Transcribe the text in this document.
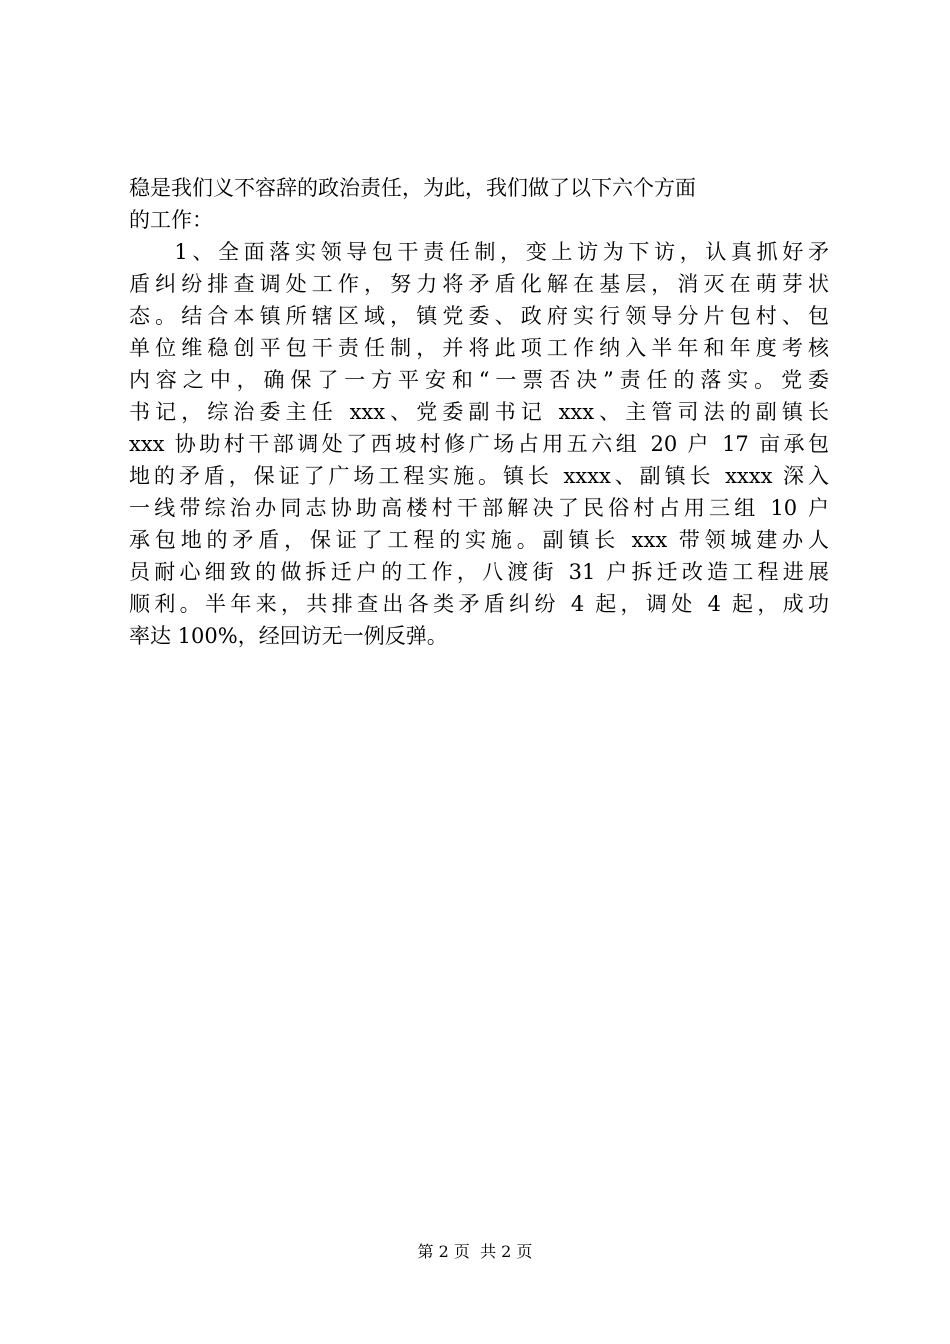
稳是我们义不容辞的政治责任，为此，我们做了以下六个方面
的工作：
1、全面落实领导包干责任制，变上访为下访，认真抓好矛
盾纠纷排查调处工作，努力将矛盾化解在基层，消灭在萌芽状
态。结合本镇所辖区域，镇党委、政府实行领导分片包村、包
单位维稳创平包干责任制，并将此项工作纳入半年和年度考核
内容之中，确保了一方平安和“一票否决”责任的落实。党委
书记，综治委主任 xxx、党委副书记 xxx、主管司法的副镇长
xxx 协助村干部调处了西坡村修广场占用五六组 20 户 17 亩承包
地的矛盾，保证了广场工程实施。镇长 xxxx、副镇长 xxxx 深入
一线带综治办同志协助高楼村干部解决了民俗村占用三组 10 户
承包地的矛盾，保证了工程的实施。副镇长 xxx 带领城建办人
员耐心细致的做拆迁户的工作，八渡街 31 户拆迁改造工程进展
顺利。半年来，共排查出各类矛盾纠纷 4 起，调处 4 起，成功
率达 100%，经回访无一例反弹。
第 2 页  共 2 页
